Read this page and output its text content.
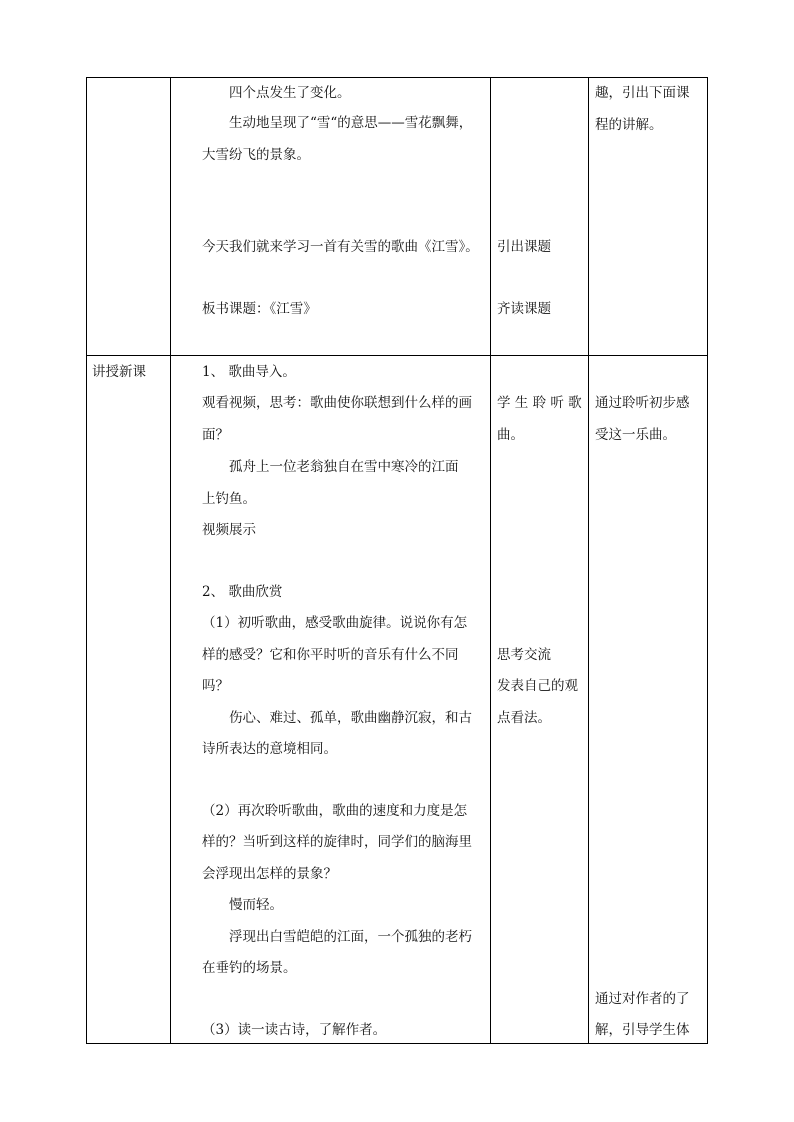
四个点发生了变化。
生动地呈现了“雪“的意思——雪花飘舞，
大雪纷飞的景象。
今天我们就来学习一首有关雪的歌曲《江雪》。
板书课题：《江雪》
引出课题
齐读课题
趣，引出下面课
程的讲解。
讲授新课	1、 歌曲导入。
观看视频，思考：歌曲使你联想到什么样的画
面？
孤舟上一位老翁独自在雪中寒冷的江面
上钓鱼。
视频展示
2、 歌曲欣赏
（1）初听歌曲，感受歌曲旋律。说说你有怎
样的感受？它和你平时听的音乐有什么不同
吗？
伤心、难过、孤单，歌曲幽静沉寂，和古
诗所表达的意境相同。
（2）再次聆听歌曲，歌曲的速度和力度是怎
样的？当听到这样的旋律时，同学们的脑海里
会浮现出怎样的景象？
慢而轻。
浮现出白雪皑皑的江面，一个孤独的老朽
在垂钓的场景。
（3）读一读古诗，了解作者。
学 生 聆 听 歌
曲。
思考交流
发表自己的观
点看法。
通过聆听初步感
受这一乐曲。
通过对作者的了
解，引导学生体
